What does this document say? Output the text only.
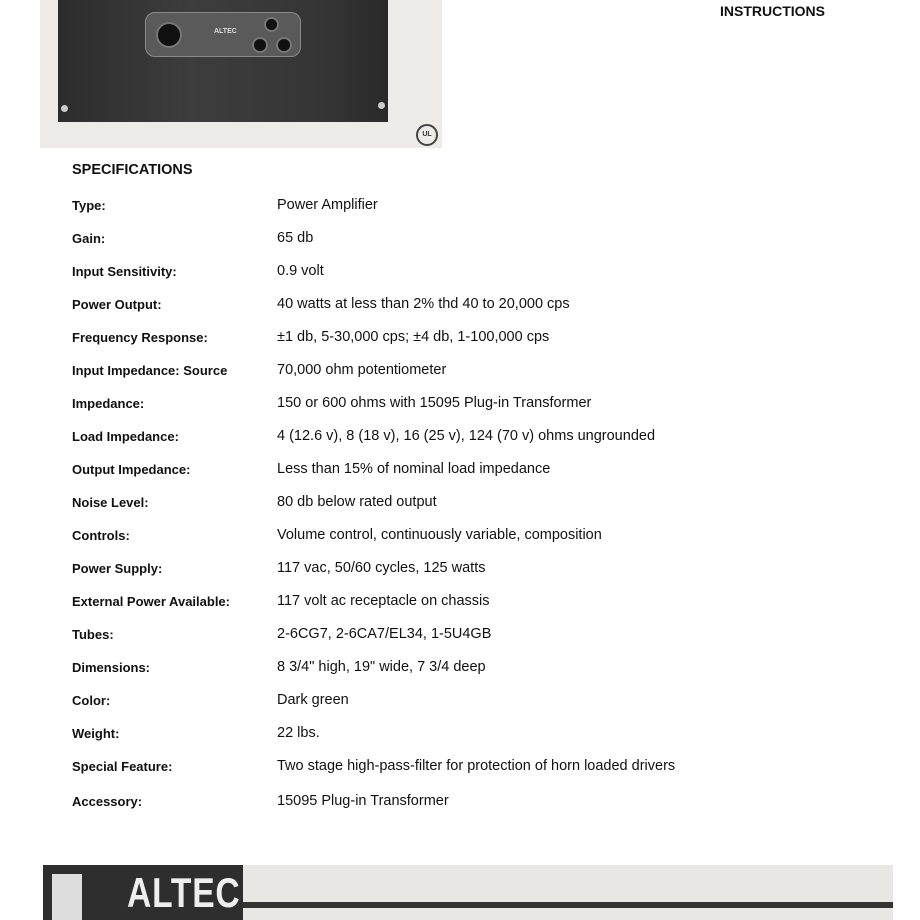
ALTEC
UL
INSTRUCTIONS
SPECIFICATIONS
Type:	Power Amplifier
Gain:	65 db
Input Sensitivity:	0.9 volt
Power Output:	40 watts at less than 2% thd 40 to 20,000 cps
Frequency Response:	±1 db, 5-30,000 cps; ±4 db, 1-100,000 cps
Input Impedance: Source	70,000 ohm potentiometer
Impedance:	150 or 600 ohms with 15095 Plug-in Transformer
Load Impedance:	4 (12.6 v), 8 (18 v), 16 (25 v), 124 (70 v) ohms ungrounded
Output Impedance:	Less than 15% of nominal load impedance
Noise Level:	80 db below rated output
Controls:	Volume control, continuously variable, composition
Power Supply:	117 vac, 50/60 cycles, 125 watts
External Power Available:	117 volt ac receptacle on chassis
Tubes:	2-6CG7, 2-6CA7/EL34, 1-5U4GB
Dimensions:	8 3/4" high, 19" wide, 7 3/4 deep
Color:	Dark green
Weight:	22 lbs.
Special Feature:	Two stage high-pass-filter for protection of horn loaded drivers
Accessory:	15095 Plug-in Transformer
ALTEC
